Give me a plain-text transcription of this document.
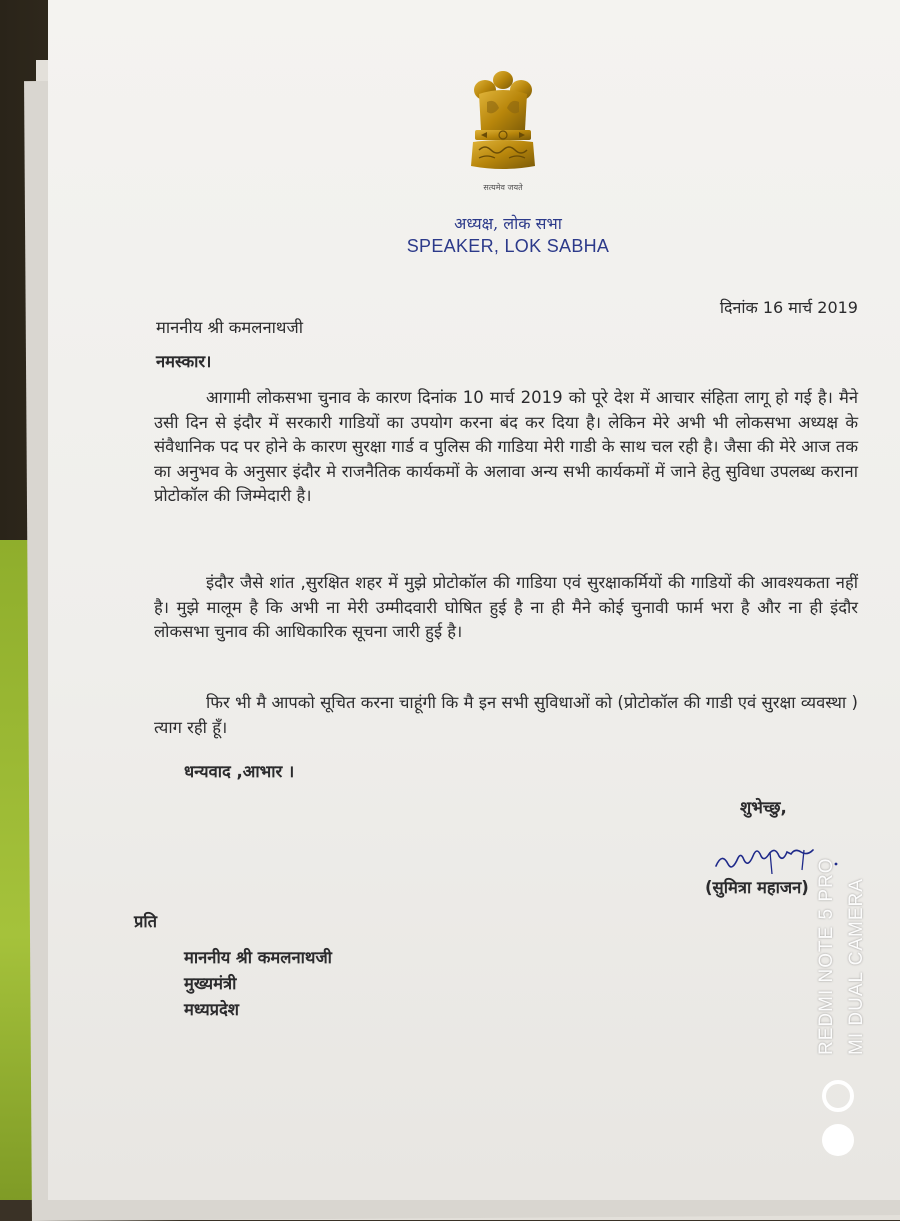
सत्यमेव जयते
अध्यक्ष, लोक सभा
SPEAKER, LOK SABHA
दिनांक 16 मार्च 2019
माननीय श्री कमलनाथजी
नमस्कार।
आगामी लोकसभा चुनाव के कारण दिनांक 10 मार्च 2019 को पूरे देश में आचार संहिता लागू हो गई है। मैने उसी दिन से इंदौर में सरकारी गाडियों का उपयोग करना बंद कर दिया है। लेकिन मेरे अभी भी लोकसभा अध्यक्ष के संवैधानिक पद पर होने के कारण सुरक्षा गार्ड व पुलिस की गाडिया मेरी गाडी के साथ चल रही है। जैसा की मेरे आज तक का अनुभव के अनुसार इंदौर मे राजनैतिक कार्यकमों के अलावा अन्य सभी कार्यकमों में जाने हेतु सुविधा उपलब्ध कराना प्रोटोकॉल की जिम्मेदारी है।
इंदौर जैसे शांत ,सुरक्षित शहर में मुझे प्रोटोकॉल की गाडिया एवं सुरक्षाकर्मियों की गाडियों की आवश्यकता नहीं है। मुझे मालूम है कि अभी ना मेरी उम्मीदवारी घोषित हुई है ना ही मैने कोई चुनावी फार्म भरा है और ना ही इंदौर लोकसभा चुनाव की आधिकारिक सूचना जारी हुई है।
फिर भी मै आपको सूचित करना चाहूंगी कि मै इन सभी सुविधाओं को (प्रोटोकॉल की गाडी एवं सुरक्षा व्यवस्था ) त्याग रही हूँ।
धन्यवाद ,आभार ।
शुभेच्छु,
(सुमित्रा महाजन)
प्रति
माननीय श्री कमलनाथजी
मुख्यमंत्री
मध्यप्रदेश	REDMI NOTE 5 PRO MI DUAL CAMERA
